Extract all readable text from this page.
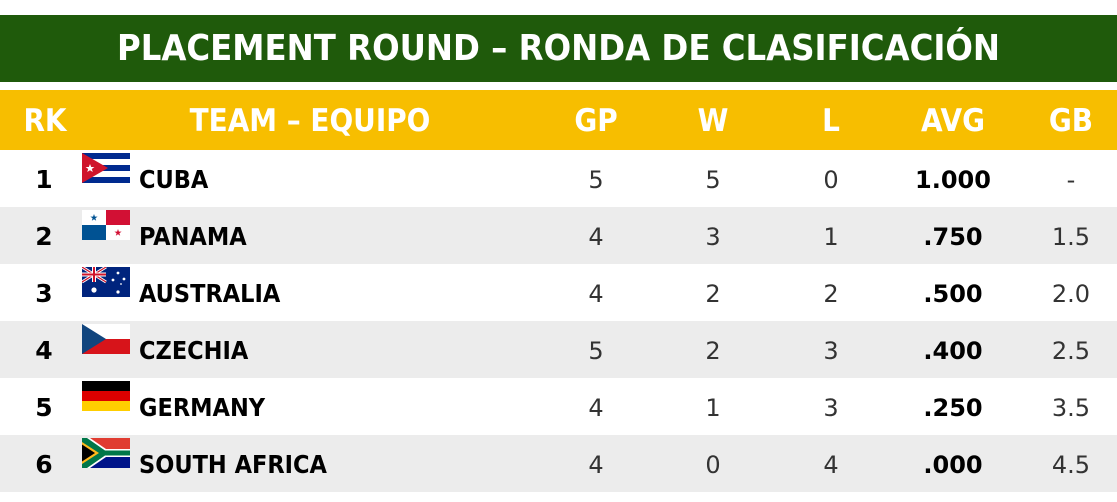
PLACEMENT ROUND – RONDA DE CLASIFICACIÓN
RK	TEAM – EQUIPO	GP	W	L	AVG	GB
1	CUBA	5	5	0	1.000	-
2	PANAMA	4	3	1	.750	1.5
3	AUSTRALIA	4	2	2	.500	2.0
4	CZECHIA	5	2	3	.400	2.5
5	GERMANY	4	1	3	.250	3.5
6	SOUTH AFRICA	4	0	4	.000	4.5
